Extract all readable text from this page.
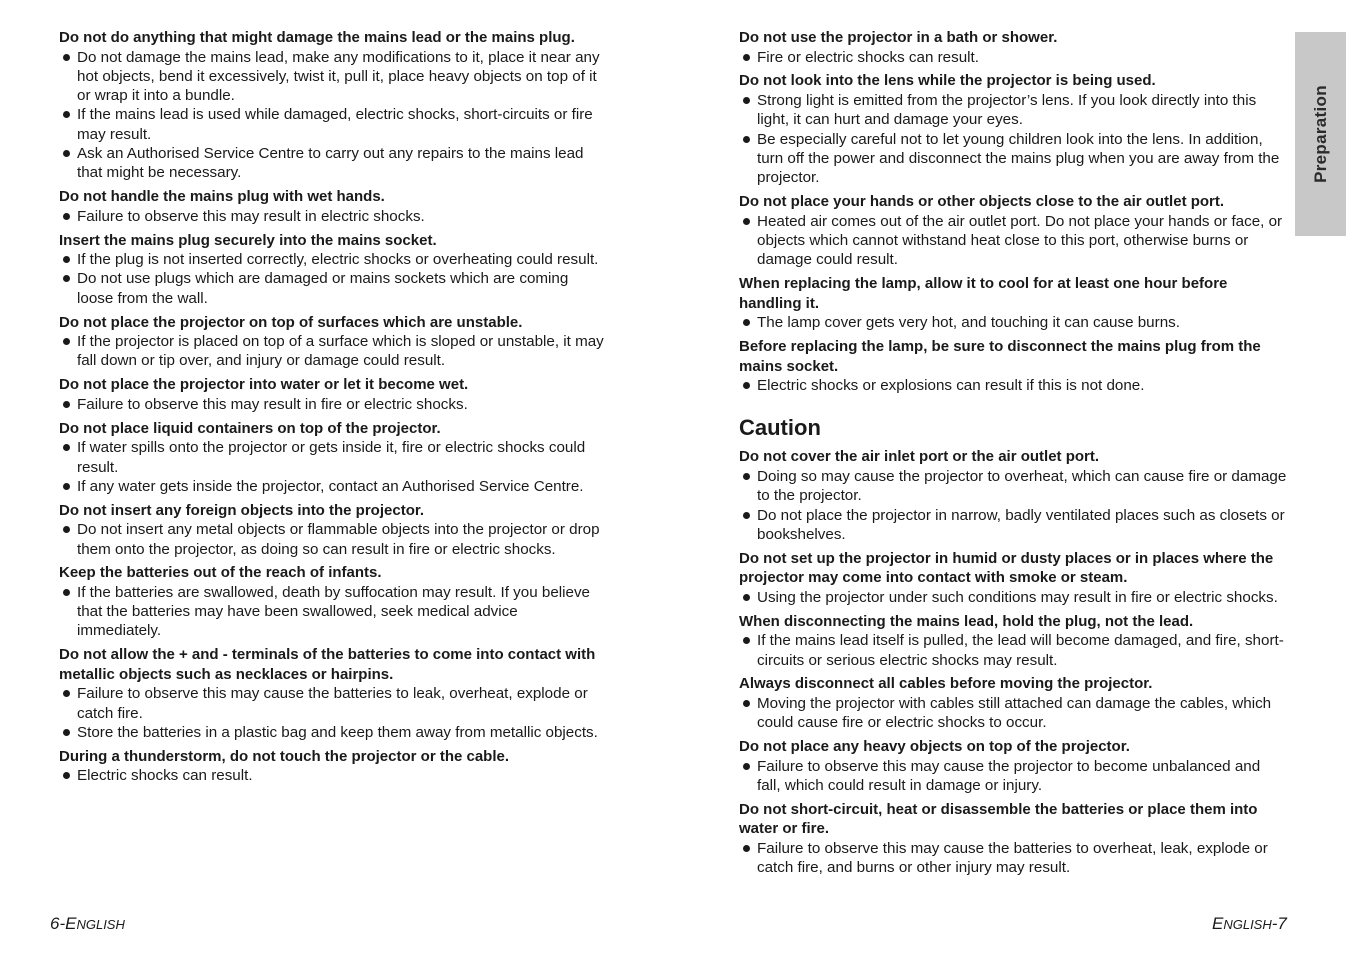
Do not do anything that might damage the mains lead or the mains plug.
Do not damage the mains lead, make any modifications to it, place it near any hot objects, bend it excessively, twist it, pull it, place heavy objects on top of it or wrap it into a bundle.
If the mains lead is used while damaged, electric shocks, short-circuits or fire may result.
Ask an Authorised Service Centre to carry out any repairs to the mains lead that might be necessary.
Do not handle the mains plug with wet hands.
Failure to observe this may result in electric shocks.
Insert the mains plug securely into the mains socket.
If the plug is not inserted correctly, electric shocks or overheating could result.
Do not use plugs which are damaged or mains sockets which are coming loose from the wall.
Do not place the projector on top of surfaces which are unstable.
If the projector is placed on top of a surface which is sloped or unstable, it may fall down or tip over, and injury or damage could result.
Do not place the projector into water or let it become wet.
Failure to observe this may result in fire or electric shocks.
Do not place liquid containers on top of the projector.
If water spills onto the projector or gets inside it, fire or electric shocks could result.
If any water gets inside the projector, contact an Authorised Service Centre.
Do not insert any foreign objects into the projector.
Do not insert any metal objects or flammable objects into the projector or drop them onto the projector, as doing so can result in fire or electric shocks.
Keep the batteries out of the reach of infants.
If the batteries are swallowed, death by suffocation may result. If you believe that the batteries may have been swallowed, seek medical advice immediately.
Do not allow the + and - terminals of the batteries to come into contact with metallic objects such as necklaces or hairpins.
Failure to observe this may cause the batteries to leak, overheat, explode or catch fire.
Store the batteries in a plastic bag and keep them away from metallic objects.
During a thunderstorm, do not touch the projector or the cable.
Electric shocks can result.
Do not use the projector in a bath or shower.
Fire or electric shocks can result.
Do not look into the lens while the projector is being used.
Strong light is emitted from the projector’s lens. If you look directly into this light, it can hurt and damage your eyes.
Be especially careful not to let young children look into the lens. In addition, turn off the power and disconnect the mains plug when you are away from the projector.
Do not place your hands or other objects close to the air outlet port.
Heated air comes out of the air outlet port. Do not place your hands or face, or objects which cannot withstand heat close to this port, otherwise burns or damage could result.
When replacing the lamp, allow it to cool for at least one hour before handling it.
The lamp cover gets very hot, and touching it can cause burns.
Before replacing the lamp, be sure to disconnect the mains plug from the mains socket.
Electric shocks or explosions can result if this is not done.
Caution
Do not cover the air inlet port or the air outlet port.
Doing so may cause the projector to overheat, which can cause fire or damage to the projector.
Do not place the projector in narrow, badly ventilated places such as closets or bookshelves.
Do not set up the projector in humid or dusty places or in places where the projector may come into contact with smoke or steam.
Using the projector under such conditions may result in fire or electric shocks.
When disconnecting the mains lead, hold the plug, not the lead.
If the mains lead itself is pulled, the lead will become damaged, and fire, short-circuits or serious electric shocks may result.
Always disconnect all cables before moving the projector.
Moving the projector with cables still attached can damage the cables, which could cause fire or electric shocks to occur.
Do not place any heavy objects on top of the projector.
Failure to observe this may cause the projector to become unbalanced and fall, which could result in damage or injury.
Do not short-circuit, heat or disassemble the batteries or place them into water or fire.
Failure to observe this may cause the batteries to overheat, leak, explode or catch fire, and burns or other injury may result.
Preparation
6-ENGLISH	ENGLISH-7
